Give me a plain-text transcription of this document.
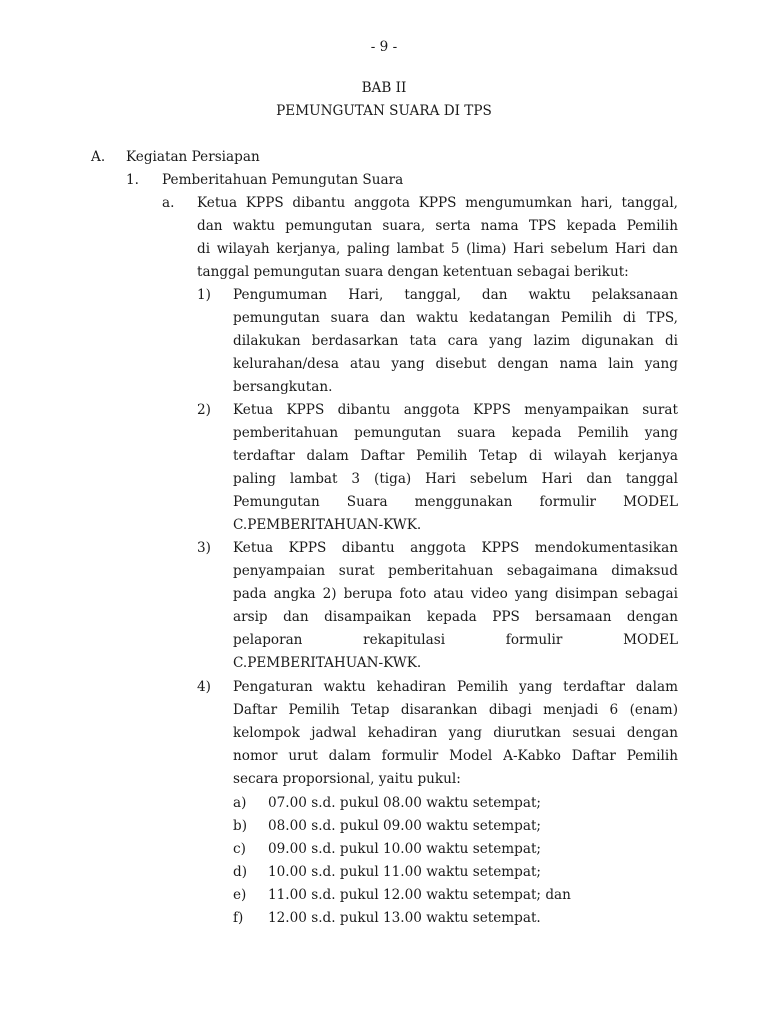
- 9 -
BAB II
PEMUNGUTAN SUARA DI TPS
A. Kegiatan Persiapan
1. Pemberitahuan Pemungutan Suara
a. Ketua KPPS dibantu anggota KPPS mengumumkan hari, tanggal,
dan waktu pemungutan suara, serta nama TPS kepada Pemilih
di wilayah kerjanya, paling lambat 5 (lima) Hari sebelum Hari dan
tanggal pemungutan suara dengan ketentuan sebagai berikut:
1) Pengumuman Hari, tanggal, dan waktu pelaksanaan
pemungutan suara dan waktu kedatangan Pemilih di TPS,
dilakukan berdasarkan tata cara yang lazim digunakan di
kelurahan/desa atau yang disebut dengan nama lain yang
bersangkutan.
2) Ketua KPPS dibantu anggota KPPS menyampaikan surat
pemberitahuan pemungutan suara kepada Pemilih yang
terdaftar dalam Daftar Pemilih Tetap di wilayah kerjanya
paling lambat 3 (tiga) Hari sebelum Hari dan tanggal
Pemungutan Suara menggunakan formulir MODEL
C.PEMBERITAHUAN-KWK.
3) Ketua KPPS dibantu anggota KPPS mendokumentasikan
penyampaian surat pemberitahuan sebagaimana dimaksud
pada angka 2) berupa foto atau video yang disimpan sebagai
arsip dan disampaikan kepada PPS bersamaan dengan
pelaporan rekapitulasi formulir MODEL
C.PEMBERITAHUAN-KWK.
4) Pengaturan waktu kehadiran Pemilih yang terdaftar dalam
Daftar Pemilih Tetap disarankan dibagi menjadi 6 (enam)
kelompok jadwal kehadiran yang diurutkan sesuai dengan
nomor urut dalam formulir Model A-Kabko Daftar Pemilih
secara proporsional, yaitu pukul:
a) 07.00 s.d. pukul 08.00 waktu setempat;
b) 08.00 s.d. pukul 09.00 waktu setempat;
c) 09.00 s.d. pukul 10.00 waktu setempat;
d) 10.00 s.d. pukul 11.00 waktu setempat;
e) 11.00 s.d. pukul 12.00 waktu setempat; dan
f) 12.00 s.d. pukul 13.00 waktu setempat.
